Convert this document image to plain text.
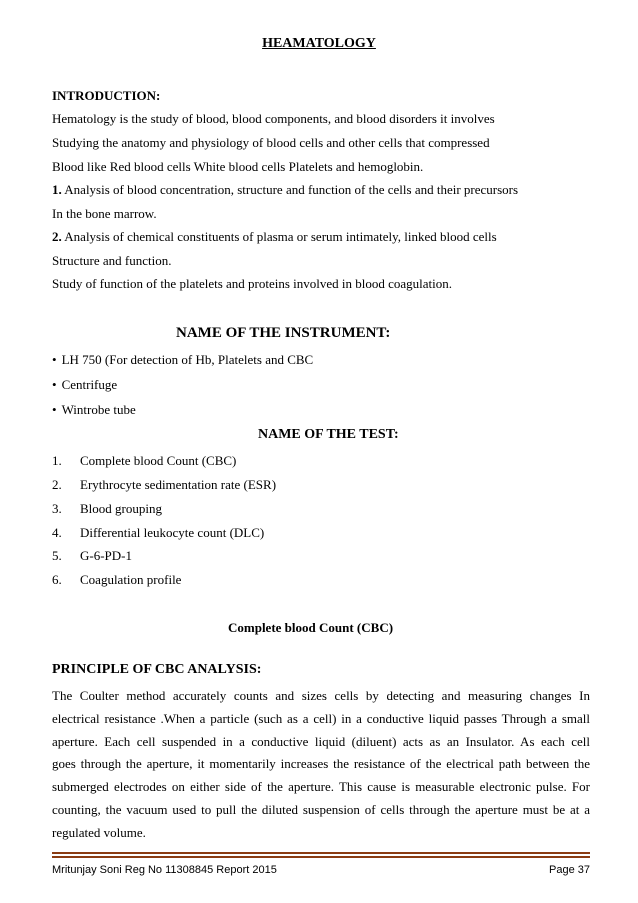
HEAMATOLOGY
INTRODUCTION:
Hematology is the study of blood, blood components, and blood disorders it involves
Studying the anatomy and physiology of blood cells and other cells that compressed
Blood like Red blood cells White blood cells Platelets and hemoglobin.
1. Analysis of blood concentration, structure and function of the cells and their precursors
In the bone marrow.
2. Analysis of chemical constituents of plasma or serum intimately, linked blood cells
Structure and function.
Study of function of the platelets and proteins involved in blood coagulation.
NAME OF THE INSTRUMENT:
• LH 750 (For detection of Hb, Platelets and CBC
• Centrifuge
• Wintrobe tube
NAME OF THE TEST:
1. Complete blood Count (CBC)
2. Erythrocyte sedimentation rate (ESR)
3. Blood grouping
4. Differential leukocyte count (DLC)
5. G-6-PD-1
6. Coagulation profile
Complete blood Count (CBC)
PRINCIPLE OF CBC ANALYSIS:
The Coulter method accurately counts and sizes cells by detecting and measuring changes In
electrical resistance .When a particle (such as a cell) in a conductive liquid passes Through a small
aperture. Each cell suspended in a conductive liquid (diluent) acts as an Insulator. As each cell
goes through the aperture, it momentarily increases the resistance of the electrical path between the
submerged electrodes on either side of the aperture. This cause is measurable electronic pulse. For
counting, the vacuum used to pull the diluted suspension of cells through the aperture must be at a
regulated volume.
Mritunjay Soni Reg No 11308845 Report 2015	Page 37
